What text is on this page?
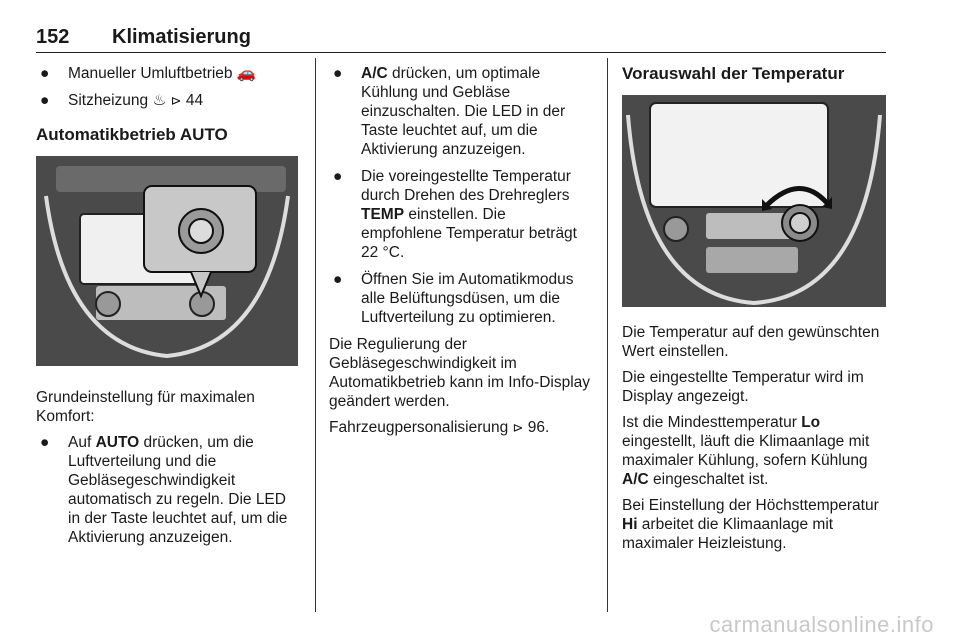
152 Klimatisierung
● Manueller Umluftbetrieb 🚗
● Sitzheizung ♨ ⊳ 44
Automatikbetrieb AUTO

Grundeinstellung für maximalen Komfort:

● Auf AUTO drücken, um die Luftverteilung und die Gebläsegeschwindigkeit automatisch zu regeln. Die LED in der Taste leuchtet auf, um die Aktivierung anzuzeigen.
● A/C drücken, um optimale Kühlung und Gebläse einzuschalten. Die LED in der Taste leuchtet auf, um die Aktivierung anzuzeigen.
● Die voreingestellte Temperatur durch Drehen des Drehreglers TEMP einstellen. Die empfohlene Temperatur beträgt 22 °C.
● Öffnen Sie im Automatikmodus alle Belüftungsdüsen, um die Luftverteilung zu optimieren.

Die Regulierung der Gebläsegeschwindigkeit im Automatikbetrieb kann im Info-Display geändert werden.

Fahrzeugpersonalisierung ⊳ 96.

Vorauswahl der Temperatur

Die Temperatur auf den gewünschten Wert einstellen.

Die eingestellte Temperatur wird im Display angezeigt.

Ist die Mindesttemperatur Lo eingestellt, läuft die Klimaanlage mit maximaler Kühlung, sofern Kühlung A/C eingeschaltet ist.

Bei Einstellung der Höchsttemperatur Hi arbeitet die Klimaanlage mit maximaler Heizleistung.

carmanualsonline.info
